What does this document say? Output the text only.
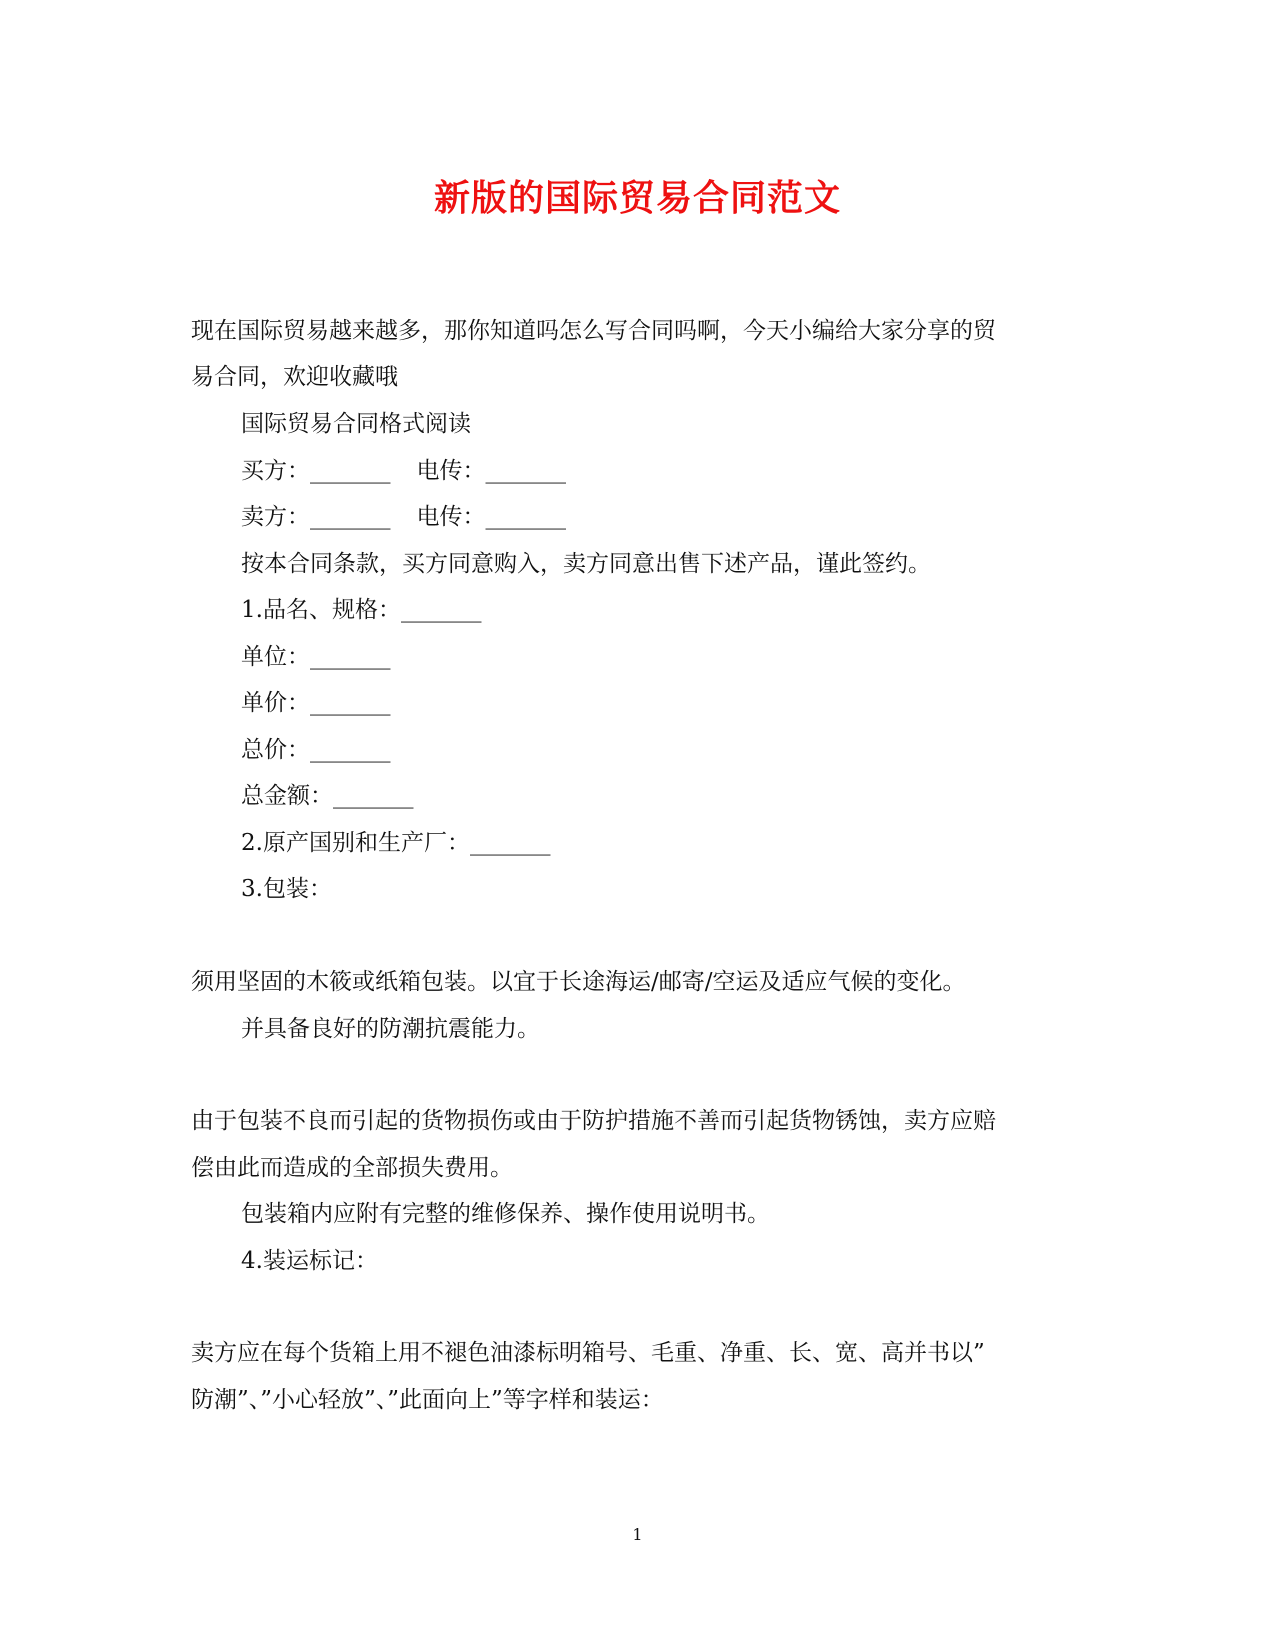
新版的国际贸易合同范文
现在国际贸易越来越多，那你知道吗怎么写合同吗啊，今天小编给大家分享的贸
易合同，欢迎收藏哦
国际贸易合同格式阅读
买方：_______ 电传：_______
卖方：_______ 电传：_______
按本合同条款，买方同意购入，卖方同意出售下述产品，谨此签约。
1.品名、规格：_______
单位：_______
单价：_______
总价：_______
总金额：_______
2.原产国别和生产厂：_______
3.包装：
须用坚固的木筱或纸箱包装。以宜于长途海运/邮寄/空运及适应气候的变化。
并具备良好的防潮抗震能力。
由于包装不良而引起的货物损伤或由于防护措施不善而引起货物锈蚀，卖方应赔
偿由此而造成的全部损失费用。
包装箱内应附有完整的维修保养、操作使用说明书。
4.装运标记：
卖方应在每个货箱上用不褪色油漆标明箱号、毛重、净重、长、宽、高并书以”
防潮”、”小心轻放”、”此面向上”等字样和装运：
1
